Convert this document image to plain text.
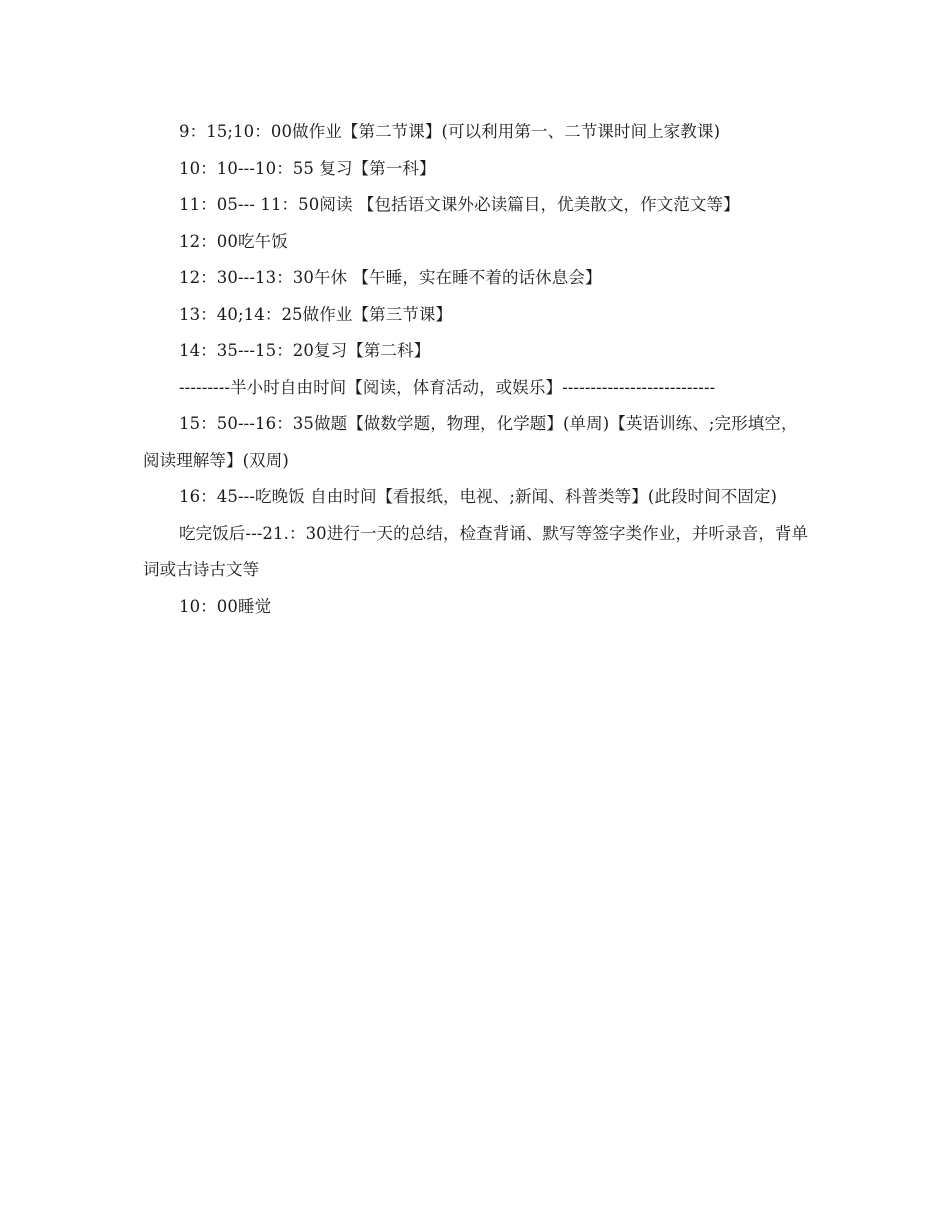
9：15;10：00做作业【第二节课】(可以利用第一、二节课时间上家教课)

10：10---10：55 复习【第一科】

11：05--- 11：50阅读 【包括语文课外必读篇目，优美散文，作文范文等】

12：00吃午饭

12：30---13：30午休 【午睡，实在睡不着的话休息会】

13：40;14：25做作业【第三节课】

14：35---15：20复习【第二科】

---------半小时自由时间【阅读，体育活动，或娱乐】---------------------------

15：50---16：35做题【做数学题，物理，化学题】(单周)【英语训练、;完形填空，阅读理解等】(双周)

16：45---吃晚饭 自由时间【看报纸，电视、;新闻、科普类等】(此段时间不固定)

吃完饭后---21.：30进行一天的总结，检查背诵、默写等签字类作业，并听录音，背单词或古诗古文等

10：00睡觉
